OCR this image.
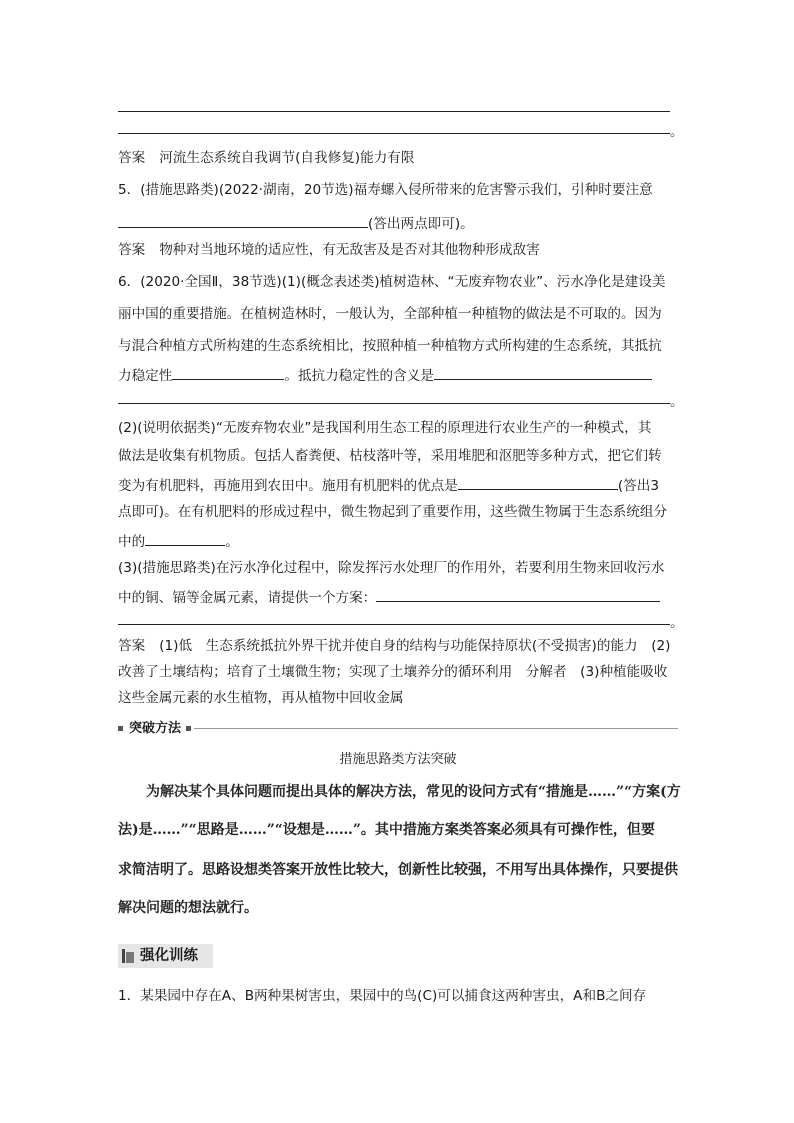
。
答案 河流生态系统自我调节(自我修复)能力有限
5．(措施思路类)(2022·湖南，20节选)福寿螺入侵所带来的危害警示我们，引种时要注意
(答出两点即可)。
答案 物种对当地环境的适应性，有无敌害及是否对其他物种形成敌害
6．(2020·全国Ⅱ，38节选)(1)(概念表述类)植树造林、“无废弃物农业”、污水净化是建设美
丽中国的重要措施。在植树造林时，一般认为，全部种植一种植物的做法是不可取的。因为
与混合种植方式所构建的生态系统相比，按照种植一种植物方式所构建的生态系统，其抵抗
力稳定性	。抵抗力稳定性的含义是
。
(2)(说明依据类)“无废弃物农业”是我国利用生态工程的原理进行农业生产的一种模式，其
做法是收集有机物质。包括人畜粪便、枯枝落叶等，采用堆肥和沤肥等多种方式，把它们转
变为有机肥料，再施用到农田中。施用有机肥料的优点是	(答出3
点即可)。在有机肥料的形成过程中，微生物起到了重要作用，这些微生物属于生态系统组分
中的	。
(3)(措施思路类)在污水净化过程中，除发挥污水处理厂的作用外，若要利用生物来回收污水
中的铜、镉等金属元素，请提供一个方案：
。
答案 (1)低　生态系统抵抗外界干扰并使自身的结构与功能保持原状(不受损害)的能力　(2)
改善了土壤结构；培育了土壤微生物；实现了土壤养分的循环利用　分解者　(3)种植能吸收
这些金属元素的水生植物，再从植物中回收金属
突破方法
措施思路类方法突破
为解决某个具体问题而提出具体的解决方法，常见的设问方式有“措施是……”“方案(方
法)是……”“思路是……”“设想是……”。其中措施方案类答案必须具有可操作性，但要
求简洁明了。思路设想类答案开放性比较大，创新性比较强，不用写出具体操作，只要提供
解决问题的想法就行。
强化训练
1．某果园中存在A、B两种果树害虫，果园中的鸟(C)可以捕食这两种害虫，A和B之间存
